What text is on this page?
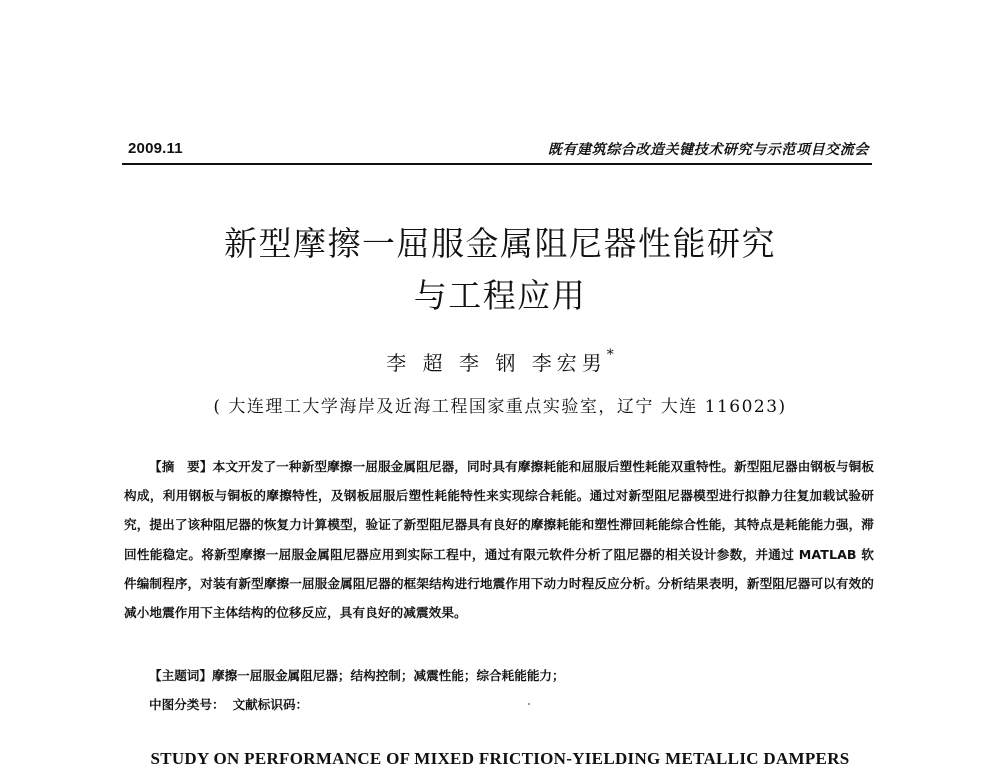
2009.11	既有建筑综合改造关键技术研究与示范项目交流会
新型摩擦一屈服金属阻尼器性能研究
与工程应用
李 超 李 钢 李宏男*
( 大连理工大学海岸及近海工程国家重点实验室，辽宁 大连 116023)
【摘　要】本文开发了一种新型摩擦一屈服金属阻尼器，同时具有摩擦耗能和屈服后塑性耗能双重特性。新型阻尼器由钢板与铜板构成，利用钢板与铜板的摩擦特性，及钢板屈服后塑性耗能特性来实现综合耗能。通过对新型阻尼器模型进行拟静力往复加载试验研究，提出了该种阻尼器的恢复力计算模型，验证了新型阻尼器具有良好的摩擦耗能和塑性滞回耗能综合性能，其特点是耗能能力强，滞回性能稳定。将新型摩擦一屈服金属阻尼器应用到实际工程中，通过有限元软件分析了阻尼器的相关设计参数，并通过 MATLAB 软件编制程序，对装有新型摩擦一屈服金属阻尼器的框架结构进行地震作用下动力时程反应分析。分析结果表明，新型阻尼器可以有效的减小地震作用下主体结构的位移反应，具有良好的减震效果。
【主题词】摩擦一屈服金属阻尼器；结构控制；减震性能；综合耗能能力；
中图分类号： 文献标识码：
STUDY ON PERFORMANCE OF MIXED FRICTION-YIELDING METALLIC DAMPERS
